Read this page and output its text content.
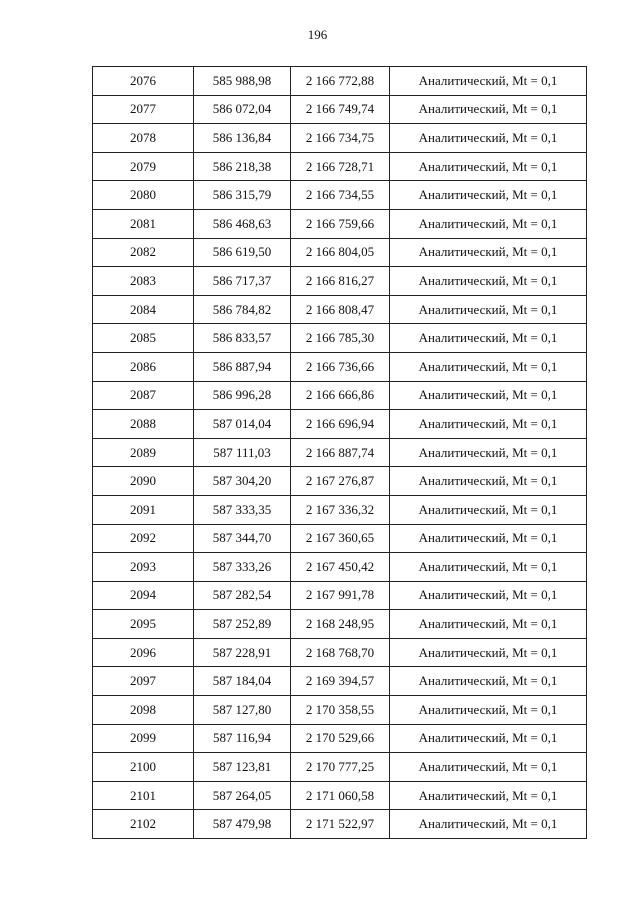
196
2076	585 988,98	2 166 772,88	Аналитический, Mt = 0,1
2077	586 072,04	2 166 749,74	Аналитический, Mt = 0,1
2078	586 136,84	2 166 734,75	Аналитический, Mt = 0,1
2079	586 218,38	2 166 728,71	Аналитический, Mt = 0,1
2080	586 315,79	2 166 734,55	Аналитический, Mt = 0,1
2081	586 468,63	2 166 759,66	Аналитический, Mt = 0,1
2082	586 619,50	2 166 804,05	Аналитический, Mt = 0,1
2083	586 717,37	2 166 816,27	Аналитический, Mt = 0,1
2084	586 784,82	2 166 808,47	Аналитический, Mt = 0,1
2085	586 833,57	2 166 785,30	Аналитический, Mt = 0,1
2086	586 887,94	2 166 736,66	Аналитический, Mt = 0,1
2087	586 996,28	2 166 666,86	Аналитический, Mt = 0,1
2088	587 014,04	2 166 696,94	Аналитический, Mt = 0,1
2089	587 111,03	2 166 887,74	Аналитический, Mt = 0,1
2090	587 304,20	2 167 276,87	Аналитический, Mt = 0,1
2091	587 333,35	2 167 336,32	Аналитический, Mt = 0,1
2092	587 344,70	2 167 360,65	Аналитический, Mt = 0,1
2093	587 333,26	2 167 450,42	Аналитический, Mt = 0,1
2094	587 282,54	2 167 991,78	Аналитический, Mt = 0,1
2095	587 252,89	2 168 248,95	Аналитический, Mt = 0,1
2096	587 228,91	2 168 768,70	Аналитический, Mt = 0,1
2097	587 184,04	2 169 394,57	Аналитический, Mt = 0,1
2098	587 127,80	2 170 358,55	Аналитический, Mt = 0,1
2099	587 116,94	2 170 529,66	Аналитический, Mt = 0,1
2100	587 123,81	2 170 777,25	Аналитический, Mt = 0,1
2101	587 264,05	2 171 060,58	Аналитический, Mt = 0,1
2102	587 479,98	2 171 522,97	Аналитический, Mt = 0,1
